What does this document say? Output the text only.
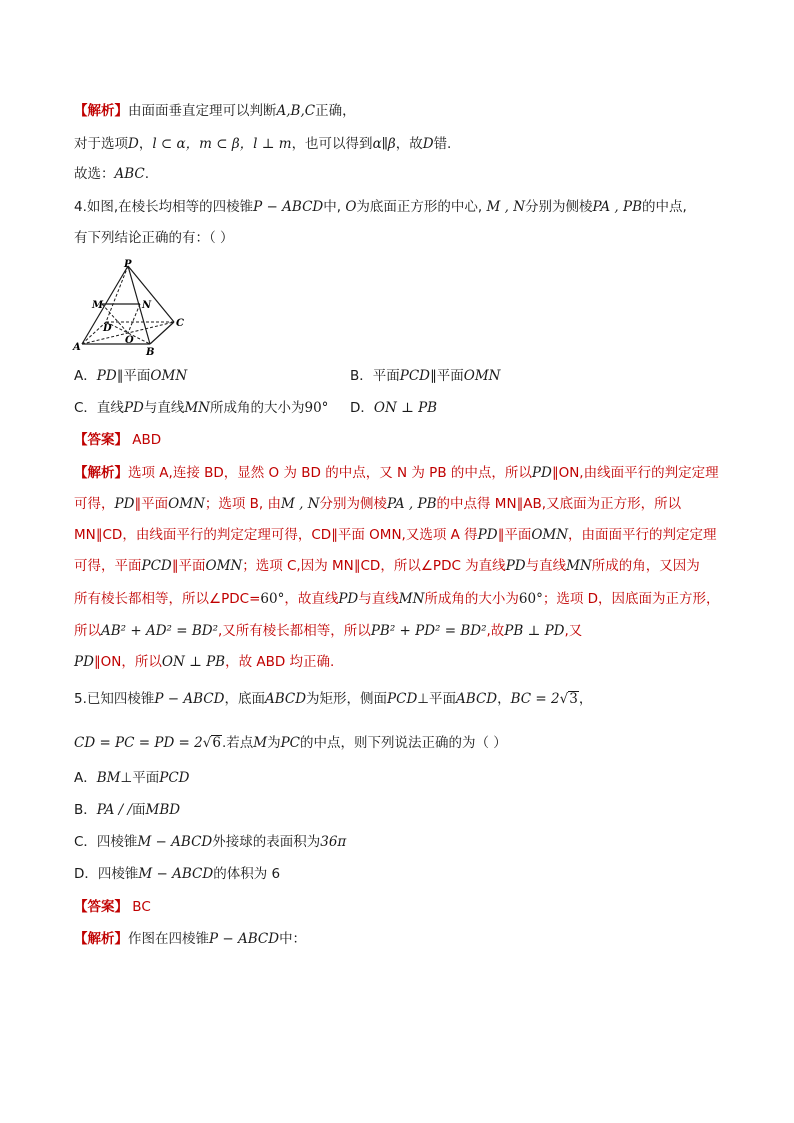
【解析】由面面垂直定理可以判断A,B,C正确，
对于选项D，l ⊂ α，m ⊂ β，l ⊥ m，也可以得到α∥β，故D错.
故选：ABC.
4.如图,在棱长均相等的四棱锥P − ABCD中, O为底面正方形的中心, M , N分别为侧棱PA , PB的中点,
有下列结论正确的有：（ ）
P
M	N
D
O
C
A	B
A．PD∥平面OMN	B．平面PCD∥平面OMN
C．直线PD与直线MN所成角的大小为90° D．ON ⊥ PB
【答案】 ABD
【解析】选项 A,连接 BD，显然 O 为 BD 的中点，又 N 为 PB 的中点，所以PD∥ON,由线面平行的判定定理
可得，PD∥平面OMN；选项 B, 由M , N分别为侧棱PA , PB的中点得 MN∥AB,又底面为正方形，所以
MN∥CD，由线面平行的判定定理可得，CD∥平面 OMN,又选项 A 得PD∥平面OMN，由面面平行的判定定理
可得，平面PCD∥平面OMN；选项 C,因为 MN∥CD，所以∠PDC 为直线PD与直线MN所成的角，又因为
所有棱长都相等，所以∠PDC=60°，故直线PD与直线MN所成角的大小为60°；选项 D，因底面为正方形，
所以AB² + AD² = BD²,又所有棱长都相等，所以PB² + PD² = BD²,故PB ⊥ PD,又
PD∥ON，所以ON ⊥ PB，故 ABD 均正确.
5.已知四棱锥P − ABCD，底面ABCD为矩形，侧面PCD⊥平面ABCD，BC = 2√3，
CD = PC = PD = 2√6.若点M为PC的中点，则下列说法正确的为（ ）
A．BM⊥平面PCD
B．PA / /面MBD
C．四棱锥M − ABCD外接球的表面积为36π
D．四棱锥M − ABCD的体积为 6
【答案】 BC
【解析】作图在四棱锥P − ABCD中：
